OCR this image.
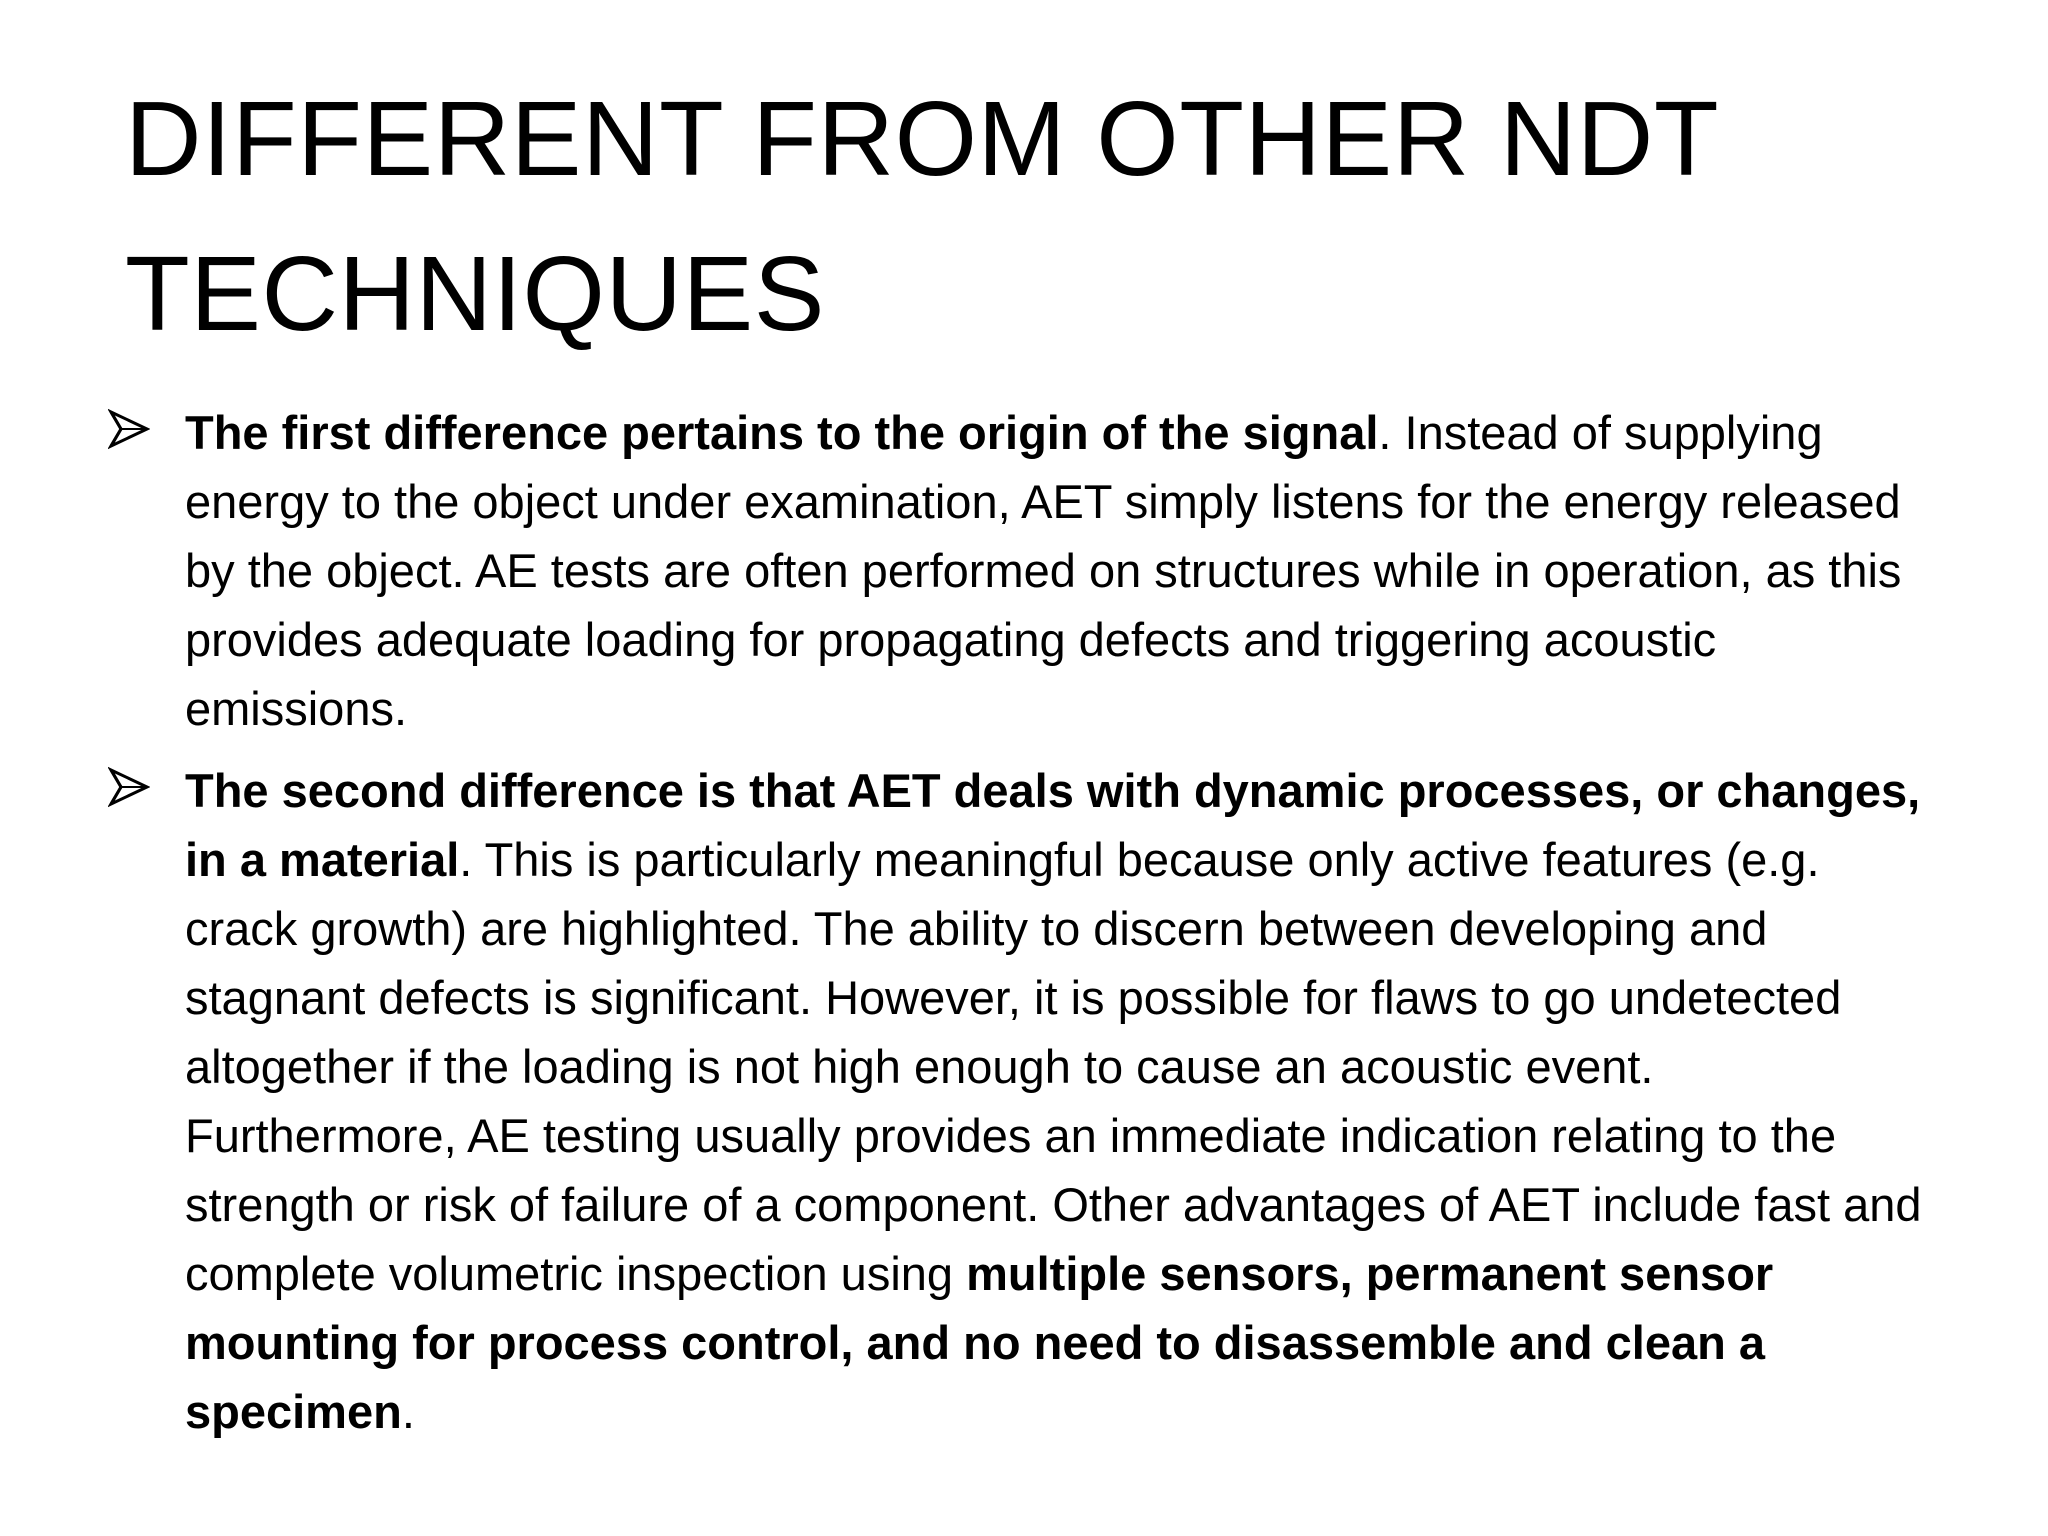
DIFFERENT FROM OTHER NDT
TECHNIQUES
The first difference pertains to the origin of the signal. Instead of supplying energy to the object under examination, AET simply listens for the energy released by the object. AE tests are often performed on structures while in operation, as this provides adequate loading for propagating defects and triggering acoustic emissions.
The second difference is that AET deals with dynamic processes, or changes, in a material. This is particularly meaningful because only active features (e.g. crack growth) are highlighted. The ability to discern between developing and stagnant defects is significant. However, it is possible for flaws to go undetected altogether if the loading is not high enough to cause an acoustic event. Furthermore, AE testing usually provides an immediate indication relating to the strength or risk of failure of a component. Other advantages of AET include fast and complete volumetric inspection using multiple sensors, permanent sensor mounting for process control, and no need to disassemble and clean a specimen.
